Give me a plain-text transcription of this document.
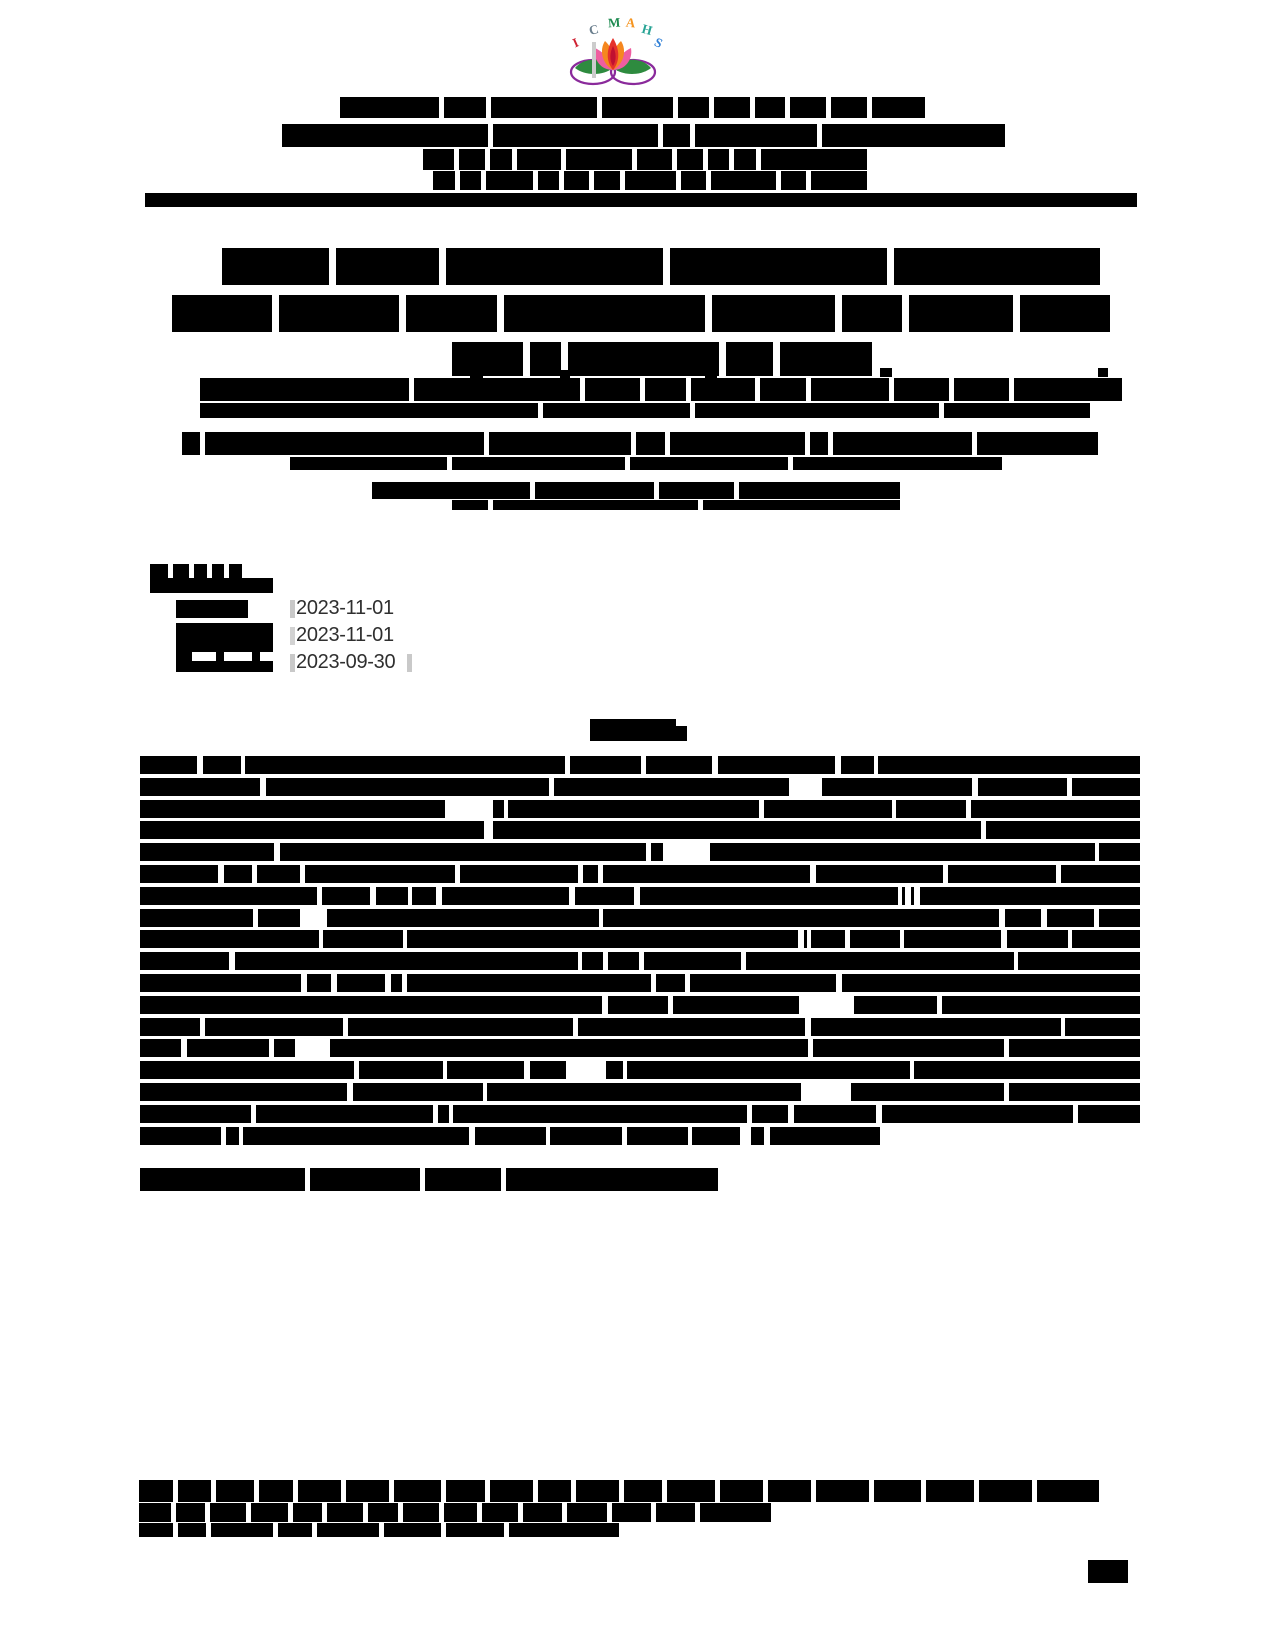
I
C M A H
S
2023-11-01
2023-11-01
2023-09-30
